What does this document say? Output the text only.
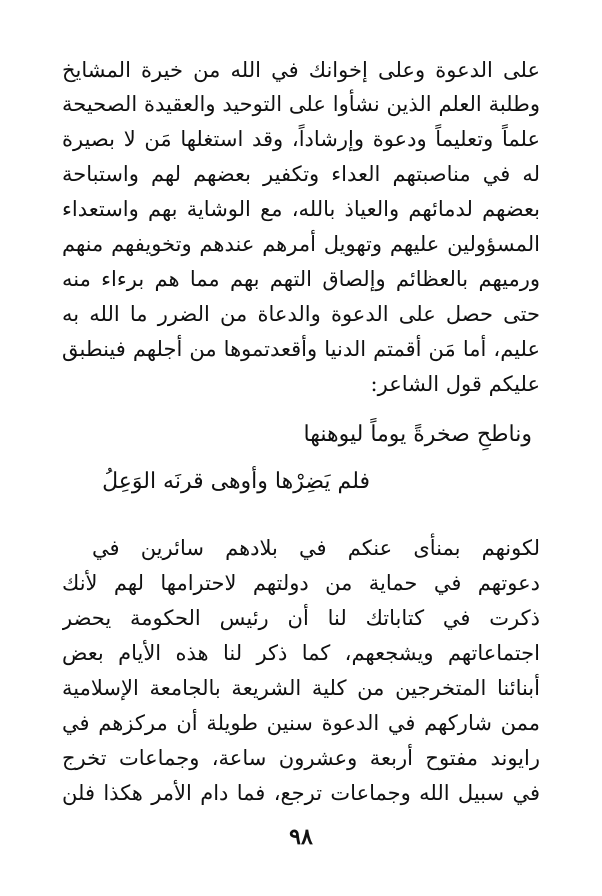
على الدعوة وعلى إخوانك في الله من خيرة المشايخ
وطلبة العلم الذين نشأوا على التوحيد والعقيدة الصحيحة
علماً وتعليماً ودعوة وإرشاداً، وقد استغلها مَن لا بصيرة
له في مناصبتهم العداء وتكفير بعضهم لهم واستباحة
بعضهم لدمائهم والعياذ بالله، مع الوشاية بهم واستعداء
المسؤولين عليهم وتهويل أمرهم عندهم وتخويفهم منهم
ورميهم بالعظائم وإلصاق التهم بهم مما هم برءاء منه
حتى حصل على الدعوة والدعاة من الضرر ما الله به
عليم، أما مَن أقمتم الدنيا وأقعدتموها من أجلهم فينطبق
عليكم قول الشاعر:
وناطحِ صخرةً يوماً ليوهنها
فلم يَضِرْها وأوهى قرنَه الوَعِلُ
لكونهم بمنأى عنكم في بلادهم سائرين في
دعوتهم في حماية من دولتهم لاحترامها لهم لأنك
ذكرت في كتاباتك لنا أن رئيس الحكومة يحضر
اجتماعاتهم ويشجعهم، كما ذكر لنا هذه الأيام بعض
أبنائنا المتخرجين من كلية الشريعة بالجامعة الإسلامية
ممن شاركهم في الدعوة سنين طويلة أن مركزهم في
رايوند مفتوح أربعة وعشرون ساعة، وجماعات تخرج
في سبيل الله وجماعات ترجع، فما دام الأمر هكذا فلن
٩٨
